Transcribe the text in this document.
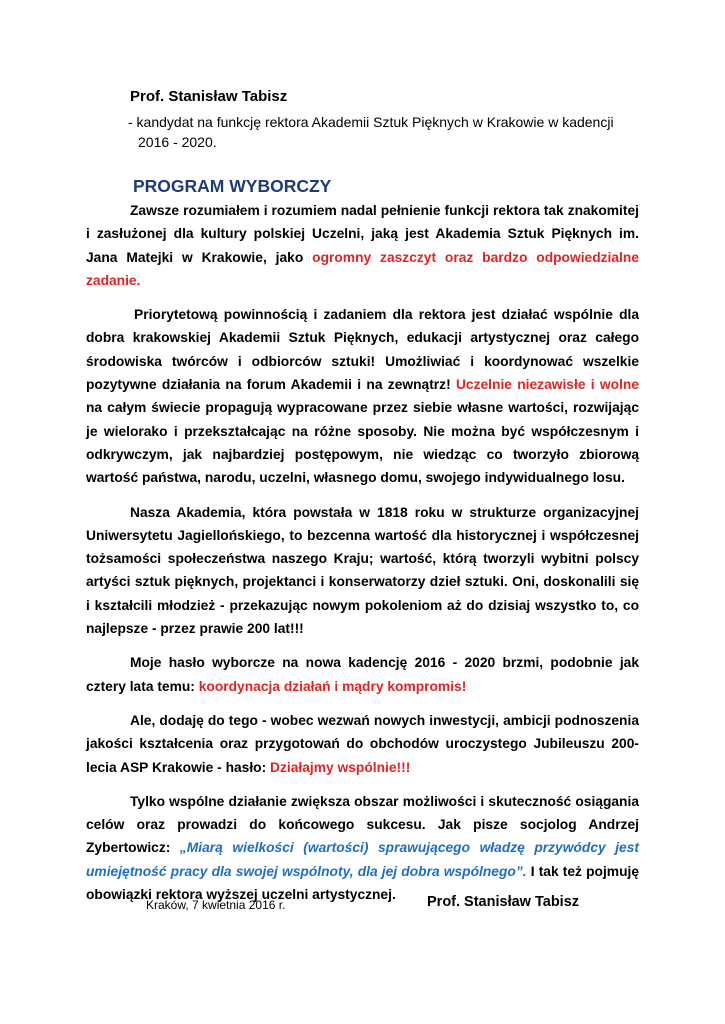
Prof. Stanisław Tabisz
- kandydat na funkcję rektora Akademii Sztuk Pięknych w Krakowie w kadencji
2016 - 2020.
PROGRAM WYBORCZY

Zawsze rozumiałem i rozumiem nadal pełnienie funkcji rektora tak znakomitej i zasłużonej dla kultury polskiej Uczelni, jaką jest Akademia Sztuk Pięknych im. Jana Matejki w Krakowie, jako ogromny zaszczyt oraz bardzo odpowiedzialne zadanie.

Priorytetową powinnością i zadaniem dla rektora jest działać wspólnie dla dobra krakowskiej Akademii Sztuk Pięknych, edukacji artystycznej oraz całego środowiska twórców i odbiorców sztuki! Umożliwiać i koordynować wszelkie pozytywne działania na forum Akademii i na zewnątrz! Uczelnie niezawisłe i wolne na całym świecie propagują wypracowane przez siebie własne wartości, rozwijając je wielorako i przekształcając na różne sposoby. Nie można być współczesnym i odkrywczym, jak najbardziej postępowym, nie wiedząc co tworzyło zbiorową wartość państwa, narodu, uczelni, własnego domu, swojego indywidualnego losu.

Nasza Akademia, która powstała w 1818 roku w strukturze organizacyjnej Uniwersytetu Jagiellońskiego, to bezcenna wartość dla historycznej i współczesnej tożsamości społeczeństwa naszego Kraju; wartość, którą tworzyli wybitni polscy artyści sztuk pięknych, projektanci i konserwatorzy dzieł sztuki. Oni, doskonalili się i kształcili młodzież - przekazując nowym pokoleniom aż do dzisiaj wszystko to, co najlepsze - przez prawie 200 lat!!!

Moje hasło wyborcze na nowa kadencję 2016 - 2020 brzmi, podobnie jak cztery lata temu: koordynacja działań i mądry kompromis!

Ale, dodaję do tego - wobec wezwań nowych inwestycji, ambicji podnoszenia jakości kształcenia oraz przygotowań do obchodów uroczystego Jubileuszu 200-lecia ASP Krakowie - hasło: Działajmy wspólnie!!!

Tylko wspólne działanie zwiększa obszar możliwości i skuteczność osiągania celów oraz prowadzi do końcowego sukcesu. Jak pisze socjolog Andrzej Zybertowicz: „Miarą wielkości (wartości) sprawującego władzę przywódcy jest umiejętność pracy dla swojej wspólnoty, dla jej dobra wspólnego”. I tak też pojmuję obowiązki rektora wyższej uczelni artystycznej.

Kraków, 7 kwietnia 2016 r.	Prof. Stanisław Tabisz
